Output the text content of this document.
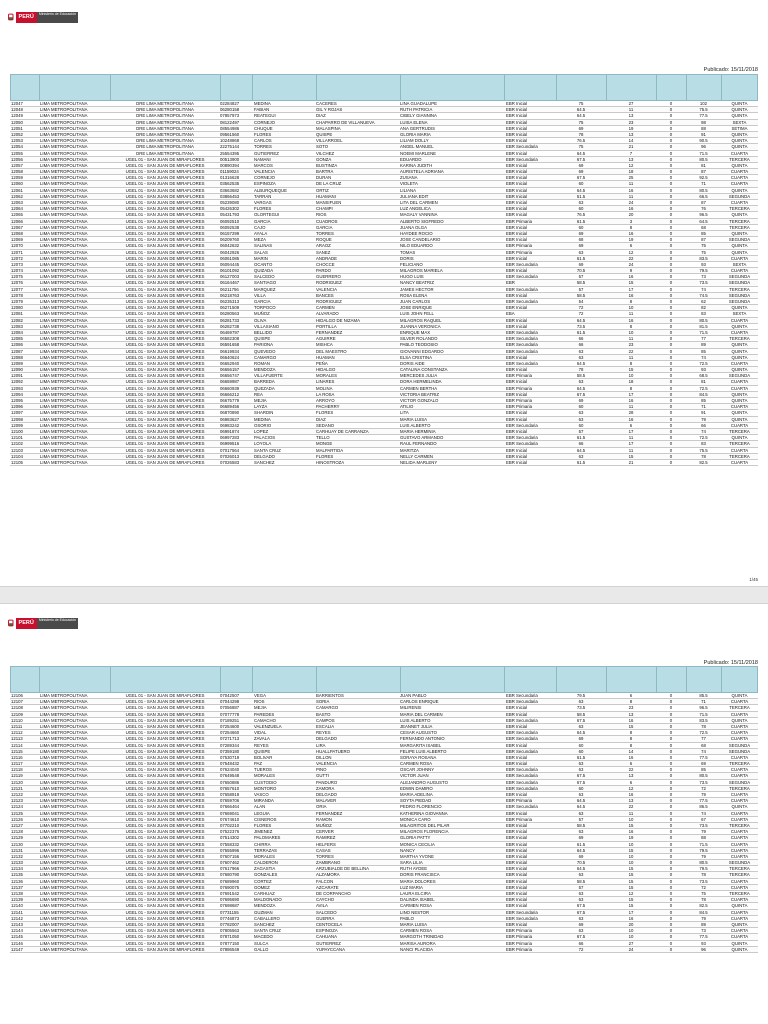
PERÚ	Ministerio de Educación
Publicado: 15/11/2018
12047	LIMA METROPOLITANA	DRE LIMA METROPOLITANA	02284827	MEDINA	CACERES	LINA GUADALUPE	EBR Inicial	75	27	0	102	QUINTA
12048	LIMA METROPOLITANA	DRE LIMA METROPOLITANA	06280158	FABIAN	GIL Y ROJAS	RUTH PATRICIA	EBR Inicial	64.5	11	0	75.5	QUINTA
12049	LIMA METROPOLITANA	DRE LIMA METROPOLITANA	07857973	REATEGUI	DIAZ	CIBELY GIANNINA	EBR Inicial	64.5	13	0	77.5	QUINTA
12050	LIMA METROPOLITANA	DRE LIMA METROPOLITANA	08122497	CORNEJO	CHAPARRO DE VILLANUEVA	LUISA ELENA	EBR Inicial	75	23	0	98	SEXTA
12051	LIMA METROPOLITANA	DRE LIMA METROPOLITANA	08554986	CHUQUE	MALASPINA	ANA GERTRUDIS	EBR Inicial	69	19	0	88	SETIMA
12052	LIMA METROPOLITANA	DRE LIMA METROPOLITANA	09561560	FLORES	QUISPE	GLORIA MARIA	EBR Inicial	78	13	0	91	QUINTA
12053	LIMA METROPOLITANA	DRE LIMA METROPOLITANA	10248868	CARLOS	VILLARROEL	LILIAM DOLLY	EBR Inicial	76.5	14	0	90.5	QUINTA
12054	LIMA METROPOLITANA	DRE LIMA METROPOLITANA	22275144	TORRES	SOTO	ANGEL MANUEL	EBR Secundaria	75	21	0	96	QUINTA
12055	LIMA METROPOLITANA	DRE LIMA METROPOLITANA	25554395	GUTIERREZ	VILCHEZ	NOEMI MARLENE	EBR Inicial	64.5	7	0	71.5	CUARTA
12056	LIMA METROPOLITANA	UGEL 01 - SAN JUAN DE MIRAFLORES	00513900	NAMANI	GONZA	EDUARDO	EBR Secundaria	67.5	13	0	80.5	TERCERA
12057	LIMA METROPOLITANA	UGEL 01 - SAN JUAN DE MIRAFLORES	00890394	MARCOS	BUSTINZA	KARINA JUDITH	EBR Inicial	69	12	0	81	QUINTA
12058	LIMA METROPOLITANA	UGEL 01 - SAN JUAN DE MIRAFLORES	01159024	VALENCIA	BARTRA	AURISTELA ADRIANA	EBR Inicial	69	18	0	87	CUARTA
12059	LIMA METROPOLITANA	UGEL 01 - SAN JUAN DE MIRAFLORES	01316628	CORNEJO	DURAN	ZUSANA	EBR Inicial	67.5	25	0	92.5	CUARTA
12060	LIMA METROPOLITANA	UGEL 01 - SAN JUAN DE MIRAFLORES	03562535	ESPINOZA	DE LA CRUZ	VIOLETA	EBR Inicial	60	11	0	71	CUARTA
12061	LIMA METROPOLITANA	UGEL 01 - SAN JUAN DE MIRAFLORES	03663682	ALBURQUEQUE	ORTIZ	LILIANA	EBR Inicial	64.5	16	0	80.5	QUINTA
12062	LIMA METROPOLITANA	UGEL 01 - SAN JUAN DE MIRAFLORES	03866453	TARRAN	HUAMANI	JULIANA EDIT	EBR Inicial	51.5	11	0	66.5	SEGUNDA
12063	LIMA METROPOLITANA	UGEL 01 - SAN JUAN DE MIRAFLORES	05239080	VARGAS	MANSIFUEN	LITA DEL CARMEN	EBR Inicial	63	24	0	87	CUARTA
12064	LIMA METROPOLITANA	UGEL 01 - SAN JUAN DE MIRAFLORES	05426302	FLORES	CHAMPI	LUZ ANGELICA	EBR Inicial	60	16	0	76	TERCERA
12065	LIMA METROPOLITANA	UGEL 01 - SAN JUAN DE MIRAFLORES	05431793	OLORTEGUI	RIOS	MAGALY VANNINA	EBR Inicial	76.5	20	0	96.5	QUINTA
12066	LIMA METROPOLITANA	UGEL 01 - SAN JUAN DE MIRAFLORES	06092510	GARCIA	CUADROS	ALBERTO SIGFREDO	EBR Primaria	61.5	3	0	64.5	TERCERA
12067	LIMA METROPOLITANA	UGEL 01 - SAN JUAN DE MIRAFLORES	06092538	CAJO	GARCIA	JUANA OLGA	EBR Inicial	60	8	0	68	TERCERA
12068	LIMA METROPOLITANA	UGEL 01 - SAN JUAN DE MIRAFLORES	06157299	AYALA	TORRES	HAYDEE ROCIO	EBR Inicial	69	16	0	85	QUINTA
12069	LIMA METROPOLITANA	UGEL 01 - SAN JUAN DE MIRAFLORES	06209760	MEZA	ROQUE	JOSE CANDELARIO	EBR Inicial	68	19	0	87	SEGUNDA
12070	LIMA METROPOLITANA	UGEL 01 - SAN JUAN DE MIRAFLORES	06042632	SALINAS	ARAOZ	NILO EDUARDO	EBR Primaria	69	6	0	75	QUINTA
12071	LIMA METROPOLITANA	UGEL 01 - SAN JUAN DE MIRAFLORES	06042926	SALAS	SANEZ	TOMAS	EBR Primaria	63	12	0	75	QUINTA
12072	LIMA METROPOLITANA	UGEL 01 - SAN JUAN DE MIRAFLORES	06061085	MARIN	ANDRADE	DORIS	EBR Inicial	61.5	22	0	83.5	CUARTA
12073	LIMA METROPOLITANA	UGEL 01 - SAN JUAN DE MIRAFLORES	06094445	OCANTO	CHOCCE	FELICIANO	EBR Secundaria	69	24	0	93	SEXTA
12074	LIMA METROPOLITANA	UGEL 01 - SAN JUAN DE MIRAFLORES	06101092	QUIZADA	PARDO	MILAGROS MARIELA	EBR Inicial	70.5	9	0	79.5	CUARTA
12075	LIMA METROPOLITANA	UGEL 01 - SAN JUAN DE MIRAFLORES	06127003	SALCEDO	GUERRERO	HUGO LUIS	EBR Secundaria	57	16	0	73	SEGUNDA
12076	LIMA METROPOLITANA	UGEL 01 - SAN JUAN DE MIRAFLORES	06164467	SANTIAGO	RODRIGUEZ	NANCY BEATRIZ	EBR	58.5	15	0	73.5	SEGUNDA
12077	LIMA METROPOLITANA	UGEL 01 - SAN JUAN DE MIRAFLORES	06211756	MARQUEZ	VALENCIA	JAMES HECTOR	EBR Secundaria	57	17	0	74	TERCERA
12078	LIMA METROPOLITANA	UGEL 01 - SAN JUAN DE MIRAFLORES	06218763	VILLA	BANCES	ROSA ELENA	EBR Inicial	58.5	16	0	74.5	SEGUNDA
12079	LIMA METROPOLITANA	UGEL 01 - SAN JUAN DE MIRAFLORES	06235313	GARCIA	RODRIGUEZ	JUAN CARLOS	EBR Secundaria	54	8	0	62	SEGUNDA
12080	LIMA METROPOLITANA	UGEL 01 - SAN JUAN DE MIRAFLORES	06271509	TORPOCO	CARMEN	JOSE ENRIQUE	EBR Inicial	72	10	0	82	QUINTA
12081	LIMA METROPOLITANA	UGEL 01 - SAN JUAN DE MIRAFLORES	06280563	MUÑOZ	ALVARADO	LUIS JOHN FELL	EBA	72	11	0	83	SEXTA
12082	LIMA METROPOLITANA	UGEL 01 - SAN JUAN DE MIRAFLORES	06281733	OLIVA	HIDALGO DE NIZAMA	MILAGROS RAQUEL	EBR Inicial	64.5	16	0	80.5	CUARTA
12083	LIMA METROPOLITANA	UGEL 01 - SAN JUAN DE MIRAFLORES	06282738	VILLASIANO	PORTILLA	JUANNA VERONICA	EBR Inicial	73.5	8	0	81.5	QUINTA
12084	LIMA METROPOLITANA	UGEL 01 - SAN JUAN DE MIRAFLORES	06469797	BELLIDO	FERNANDEZ	ENRIQUE MAX	EBR Secundaria	61.5	10	0	71.5	CUARTA
12085	LIMA METROPOLITANA	UGEL 01 - SAN JUAN DE MIRAFLORES	06582308	QUISPE	AGUIRRE	SILVER ROLANDO	EBR Secundaria	66	11	0	77	TERCERA
12086	LIMA METROPOLITANA	UGEL 01 - SAN JUAN DE MIRAFLORES	06591658	PARIONA	MISHCA	PABLO TEODOSIO	EBR Secundaria	66	23	0	89	QUINTA
12087	LIMA METROPOLITANA	UGEL 01 - SAN JUAN DE MIRAFLORES	06619934	QUEVEDO	DEL MAESTRO	GIOVANNI EDGARDO	EBR Secundaria	63	22	0	85	QUINTA
12088	LIMA METROPOLITANA	UGEL 01 - SAN JUAN DE MIRAFLORES	06640624	CAMARGO	HUAMAN	ELSA CRISTINA	EBR Inicial	63	11	0	74	QUINTA
12089	LIMA METROPOLITANA	UGEL 01 - SAN JUAN DE MIRAFLORES	06652940	ROMAN	PEÑA	DORIS AIDE	EBR Secundaria	64.5	8	0	72.5	CUARTA
12090	LIMA METROPOLITANA	UGEL 01 - SAN JUAN DE MIRAFLORES	06656157	MENDOZA	HIDALGO	CATALINA CONSTANZA	EBR Inicial	78	15	0	93	QUINTA
12091	LIMA METROPOLITANA	UGEL 01 - SAN JUAN DE MIRAFLORES	06656747	VILLAFUERTE	MORALES	MERCEDES JULIA	EBR Primaria	58.5	10	0	68.5	SEGUNDA
12092	LIMA METROPOLITANA	UGEL 01 - SAN JUAN DE MIRAFLORES	06659987	BARREDA	LINARES	DORA HERMELINDA	EBR Inicial	63	18	0	81	CUARTA
12093	LIMA METROPOLITANA	UGEL 01 - SAN JUAN DE MIRAFLORES	06660939	QUEZADA	MOLINA	CARMEN BERTHA	EBR Primaria	64.5	8	0	72.5	CUARTA
12094	LIMA METROPOLITANA	UGEL 01 - SAN JUAN DE MIRAFLORES	06666212	REA	LA ROSA	VICTORIA BEATRIZ	EBR Inicial	67.5	17	0	84.5	QUINTA
12095	LIMA METROPOLITANA	UGEL 01 - SAN JUAN DE MIRAFLORES	06675779	MEJIA	ARROYO	VICTOR GONZALO	EBR Primaria	69	16	0	85	QUINTA
12096	LIMA METROPOLITANA	UGEL 01 - SAN JUAN DE MIRAFLORES	06689456	LAYZA	PACHERRY	ATILIO	EBR Primaria	60	11	0	71	CUARTA
12097	LIMA METROPOLITANA	UGEL 01 - SAN JUAN DE MIRAFLORES	06870890	SHARDIN	FLORES	LITA	EBR Inicial	63	28	0	91	QUINTA
12098	LIMA METROPOLITANA	UGEL 01 - SAN JUAN DE MIRAFLORES	06983627	MEDINA	DIAZ	MARIA LUISA	EBR Inicial	63	16	0	79	QUINTA
12099	LIMA METROPOLITANA	UGEL 01 - SAN JUAN DE MIRAFLORES	06983242	OSORIO	SEDANO	LUIS ALBERTO	EBR Secundaria	60	6	0	66	CUARTA
12100	LIMA METROPOLITANA	UGEL 01 - SAN JUAN DE MIRAFLORES	06991874	LOPEZ	CARHUAY DE CARRANZA	MARIA HERMINIA	EBR Inicial	57	17	0	74	TERCERA
12101	LIMA METROPOLITANA	UGEL 01 - SAN JUAN DE MIRAFLORES	06997283	PALACIOS	TELLO	GUSTAVO ARMANDO	EBR Secundaria	61.5	11	0	72.5	QUINTA
12102	LIMA METROPOLITANA	UGEL 01 - SAN JUAN DE MIRAFLORES	06999516	LOYOLA	MONGE	RAUL FERNANDO	EBR Secundaria	66	17	0	83	TERCERA
12103	LIMA METROPOLITANA	UGEL 01 - SAN JUAN DE MIRAFLORES	07017564	SANTA CRUZ	MALPARTIDA	MARITZA	EBR Inicial	64.5	11	0	75.5	CUARTA
12104	LIMA METROPOLITANA	UGEL 01 - SAN JUAN DE MIRAFLORES	07026013	DELGADO	FLORES	NELLY CARMEN	EBR Inicial	63	15	0	78	TERCERA
12105	LIMA METROPOLITANA	UGEL 01 - SAN JUAN DE MIRAFLORES	07026583	SANCHEZ	HINOSTROZA	NELIDA MARLENY	EBR Inicial	61.5	21	0	82.5	CUARTA
1/45
PERÚ	Ministerio de Educación
Publicado: 15/11/2018
12106	LIMA METROPOLITANA	UGEL 01 - SAN JUAN DE MIRAFLORES	07042507	VEGA	BARRIENTOS	JUAN PABLO	EBR Secundaria	79.5	6	0	85.5	QUINTA
12107	LIMA METROPOLITANA	UGEL 01 - SAN JUAN DE MIRAFLORES	07044298	RIOS	SORIA	CARLOS ENRIQUE	EBR Secundaria	63	8	0	71	CUARTA
12108	LIMA METROPOLITANA	UGEL 01 - SAN JUAN DE MIRAFLORES	07056887	MEJIA	CAMARGO	MILIRENSI	EBR Inicial	73.5	23	0	96.5	TERCERA
12109	LIMA METROPOLITANA	UGEL 01 - SAN JUAN DE MIRAFLORES	07077778	PAREDES	BASTO	MARIA DEL CARMEN	EBR Inicial	58.5	13	0	71.5	CUARTA
12110	LIMA METROPOLITANA	UGEL 01 - SAN JUAN DE MIRAFLORES	07189251	CAMACHO	CAMPOS	LUIS ALBERTO	EBR Secundaria	67.5	16	0	83.5	QUINTA
12111	LIMA METROPOLITANA	UGEL 01 - SAN JUAN DE MIRAFLORES	07254600	VALENZUELA	ESCALIA	JEANNET JULIA	EBR Inicial	63	15	0	78	CUARTA
12112	LIMA METROPOLITANA	UGEL 01 - SAN JUAN DE MIRAFLORES	07254660	VIDAL	REYES	CESAR AUGUSTO	EBR Secundaria	64.5	8	0	72.5	CUARTA
12113	LIMA METROPOLITANA	UGEL 01 - SAN JUAN DE MIRAFLORES	07271713	ZAVALA	DELGADO	FERNANDO ANTONIO	EBR Secundaria	69	8	0	77	CUARTA
12114	LIMA METROPOLITANA	UGEL 01 - SAN JUAN DE MIRAFLORES	07289344	REYES	LIRA	MARGARITA ISABEL	EBR Inicial	60	8	0	68	SEGUNDA
12115	LIMA METROPOLITANA	UGEL 01 - SAN JUAN DE MIRAFLORES	07359180	QUISPE	HUALLPATUERO	FELIPE LUIS ALBERTO	EBR Secundaria	60	14	0	74	SEGUNDA
12116	LIMA METROPOLITANA	UGEL 01 - SAN JUAN DE MIRAFLORES	07530719	BOLIVAR	DILLON	SORAYA ROSANA	EBR Inicial	61.5	16	0	77.5	CUARTA
12117	LIMA METROPOLITANA	UGEL 01 - SAN JUAN DE MIRAFLORES	07548432	PAZ	VALENCIA	CARMEN ROSA	EBR Inicial	63	6	0	69	TERCERA
12118	LIMA METROPOLITANA	UGEL 01 - SAN JUAN DE MIRAFLORES	07624040	TUEROS	PINO	OSCAR JOHNNY	EBR Secundaria	63	22	0	85	CUARTA
12119	LIMA METROPOLITANA	UGEL 01 - SAN JUAN DE MIRAFLORES	07649548	MORALES	GUTTI	VICTOR JUAN	EBR Secundaria	67.5	13	0	80.5	CUARTA
12120	LIMA METROPOLITANA	UGEL 01 - SAN JUAN DE MIRAFLORES	07650886	CUSTODIO	PANDURO	ALEJANDRO AUGUSTO	EBR Secundaria	67.5	6	0	73.5	SEGUNDA
12121	LIMA METROPOLITANA	UGEL 01 - SAN JUAN DE MIRAFLORES	07657610	MONTORO	ZAMORA	EDWIN DAMIRO	EBR Secundaria	60	12	0	72	TERCERA
12122	LIMA METROPOLITANA	UGEL 01 - SAN JUAN DE MIRAFLORES	07658918	VASCO	DELGADO	MARIA ADELINA	EBR Inicial	63	16	0	79	CUARTA
12123	LIMA METROPOLITANA	UGEL 01 - SAN JUAN DE MIRAFLORES	07659706	MIRANDA	MALAVER	SOYTA PIEDAD	EBR Primaria	64.5	13	0	77.5	CUARTA
12124	LIMA METROPOLITANA	UGEL 01 - SAN JUAN DE MIRAFLORES	07666464	ALAN	ORIA	PEDRO FLORENCIO	EBR Secundaria	64.5	22	0	86.5	QUINTA
12125	LIMA METROPOLITANA	UGEL 01 - SAN JUAN DE MIRAFLORES	07669041	LEGUIA	FERNANDEZ	KATHERINA GIOVANNA	EBR Inicial	63	11	0	74	CUARTA
12126	LIMA METROPOLITANA	UGEL 01 - SAN JUAN DE MIRAFLORES	07674610	CISNEROS	RAMON	MONICA CARO	EBR Primaria	57	10	0	67	CUARTA
12127	LIMA METROPOLITANA	UGEL 01 - SAN JUAN DE MIRAFLORES	07702210	FLORES	MUÑOZ	MILAGRITOS DEL PILAR	EBR Inicial	58.5	15	0	73.5	TERCERA
12128	LIMA METROPOLITANA	UGEL 01 - SAN JUAN DE MIRAFLORES	07522376	JIMENEZ	CERVER	MILAGROS FLORENCIA	EBR Inicial	63	16	0	79	CUARTA
12129	LIMA METROPOLITANA	UGEL 01 - SAN JUAN DE MIRAFLORES	07514302	PALOMARES	RAMIREZ	GLORIA PATTY	EBR Inicial	69	19	0	88	CUARTA
12130	LIMA METROPOLITANA	UGEL 01 - SAN JUAN DE MIRAFLORES	07558332	CHIRRA	HELFERS	MONICA CECILIA	EBR Inicial	61.5	10	0	71.5	CUARTA
12131	LIMA METROPOLITANA	UGEL 01 - SAN JUAN DE MIRAFLORES	07555996	TERRAZAS	CASAS	NANCY	EBR Inicial	64.5	15	0	79.5	CUARTA
12132	LIMA METROPOLITANA	UGEL 01 - SAN JUAN DE MIRAFLORES	07607156	MORALES	TORRES	MARTHA YVONE	EBR Inicial	69	10	0	79	CUARTA
12133	LIMA METROPOLITANA	UGEL 01 - SAN JUAN DE MIRAFLORES	07607462	CALDERON	ZAMBRANO	SARA LILIA	EBR Inicial	70.5	10	0	80.5	SEGUNDA
12134	LIMA METROPOLITANA	UGEL 01 - SAN JUAN DE MIRAFLORES	07617966	ZAGASTIA	ARZUBIALDE DE BELLINA	RUTH AYDEE	EBR Inicial	64.5	15	0	79.5	TERCERA
12135	LIMA METROPOLITANA	UGEL 01 - SAN JUAN DE MIRAFLORES	07680790	GONZALES	ALZAMORA	DORIS FRANCISCA	EBR Inicial	63	15	0	78	TERCERA
12136	LIMA METROPOLITANA	UGEL 01 - SAN JUAN DE MIRAFLORES	07689960	CORTEZ	FALCON	MARIA DOLORES	EBR Inicial	58.5	15	0	73.5	CUARTA
12137	LIMA METROPOLITANA	UGEL 01 - SAN JUAN DE MIRAFLORES	07690075	GOMEZ	AZCARATE	LUZ MARIA	EBR Inicial	57	15	0	72	CUARTA
12138	LIMA METROPOLITANA	UGEL 01 - SAN JUAN DE MIRAFLORES	07691542	CARHUAZ	DE CORPANCHO	LAURA ELCIRA	EBR Inicial	63	12	0	75	TERCERA
12139	LIMA METROPOLITANA	UGEL 01 - SAN JUAN DE MIRAFLORES	07695690	MALDONADO	CAYCHO	DALINDA ISABEL	EBR Inicial	63	15	0	78	CUARTA
12140	LIMA METROPOLITANA	UGEL 01 - SAN JUAN DE MIRAFLORES	07698687	MENDOZA	AVILA	CARMEN ROSA	EBR Inicial	67.5	15	0	82.5	QUINTA
12141	LIMA METROPOLITANA	UGEL 01 - SAN JUAN DE MIRAFLORES	07731155	GUZMAN	SALCEDO	LINO NESTOR	EBR Secundaria	67.5	17	0	84.5	CUARTA
12142	LIMA METROPOLITANA	UGEL 01 - SAN JUAN DE MIRAFLORES	07746873	CABALLERO	GUERRA	PABLO	EBR Secundaria	63	16	0	79	CUARTA
12143	LIMA METROPOLITANA	UGEL 01 - SAN JUAN DE MIRAFLORES	07782007	SANCHEZ	CENTOCELA	MARIA LUISA	EBR Inicial	69	20	0	89	QUINTA
12144	LIMA METROPOLITANA	UGEL 01 - SAN JUAN DE MIRAFLORES	07805563	SANTA CRUZ	ESPINOZA	CARMEN ROSA	EBR Primaria	63	10	0	73	CUARTA
12145	LIMA METROPOLITANA	UGEL 01 - SAN JUAN DE MIRAFLORES	07871050	MACEDO	CAHUANA	MARGOTH TRINIDAD	EBR Primaria	67.5	10	0	77.5	CUARTA
12146	LIMA METROPOLITANA	UGEL 01 - SAN JUAN DE MIRAFLORES	07877150	SULCA	GUTIERREZ	MARISA AURORA	EBR Primaria	66	27	0	93	QUINTA
12147	LIMA METROPOLITANA	UGEL 01 - SAN JUAN DE MIRAFLORES	07886549	GALLO	YUPAYCCANA	NANCI PLACIDA	EBR Primaria	72	24	0	96	QUINTA
